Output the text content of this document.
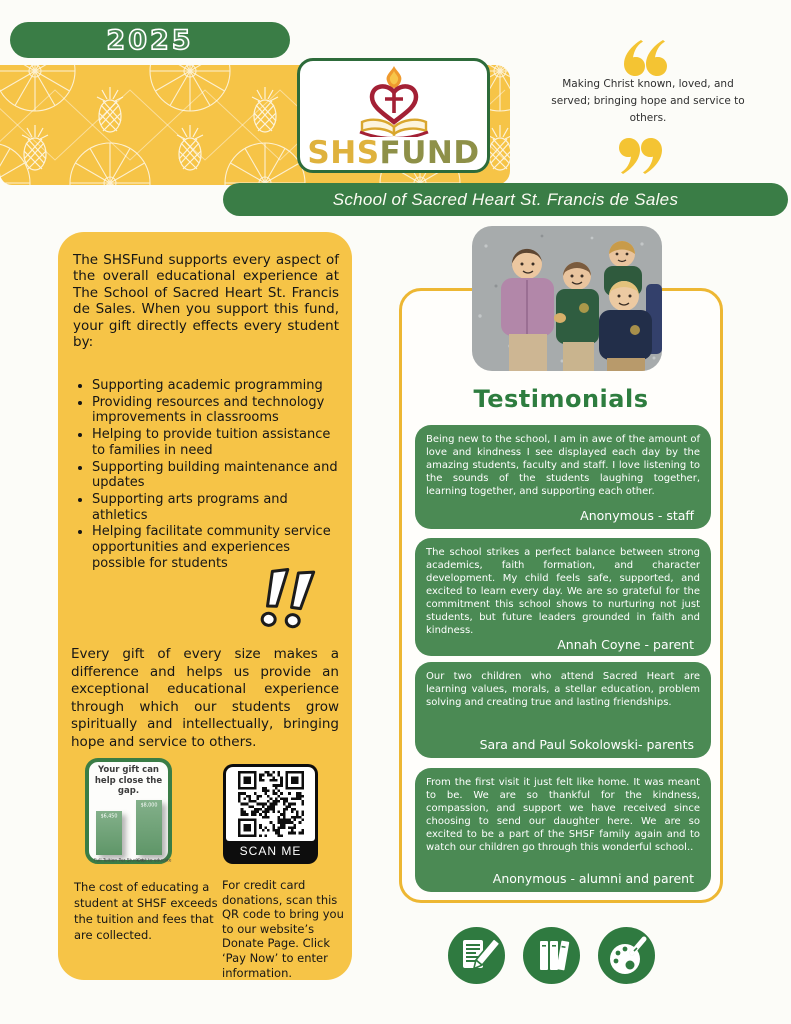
2025
SHSFUND
Making Christ known, loved, and served; bringing hope and service to others.
School of Sacred Heart St. Francis de Sales

The SHSFund supports every aspect of the overall educational experience at The School of Sacred Heart St. Francis de Sales. When you support this fund, your gift directly effects every student by:

• Supporting academic programming
• Providing resources and technology improvements in classrooms
• Helping to provide tuition assistance to families in need
• Supporting building maintenance and updates
• Supporting arts programs and athletics
• Helping facilitate community service opportunities and experiences possible for students

Every gift of every size makes a difference and helps us provide an exceptional educational experience through which our students grow spiritually and intellectually, bringing hope and service to others.

Your gift can help close the gap.
$6,450
$8,000
Full Tuition Per Student
Cost to educate
SCAN ME

The cost of educating a student at SHSF exceeds the tuition and fees that are collected.

For credit card donations, scan this QR code to bring you to our website’s Donate Page. Click ‘Pay Now’ to enter information.

Testimonials

Being new to the school, I am in awe of the amount of love and kindness I see displayed each day by the amazing students, faculty and staff. I love listening to the sounds of the students laughing together, learning together, and supporting each other.

Anonymous - staff

The school strikes a perfect balance between strong academics, faith formation, and character development. My child feels safe, supported, and excited to learn every day. We are so grateful for the commitment this school shows to nurturing not just students, but future leaders grounded in faith and kindness.

Annah Coyne - parent

Our two children who attend Sacred Heart are learning values, morals, a stellar education, problem solving and creating true and lasting friendships.

Sara and Paul Sokolowski- parents

From the first visit it just felt like home. It was meant to be. We are so thankful for the kindness, compassion, and support we have received since choosing to send our daughter here. We are so excited to be a part of the SHSF family again and to watch our children go through this wonderful school..

Anonymous - alumni and parent
